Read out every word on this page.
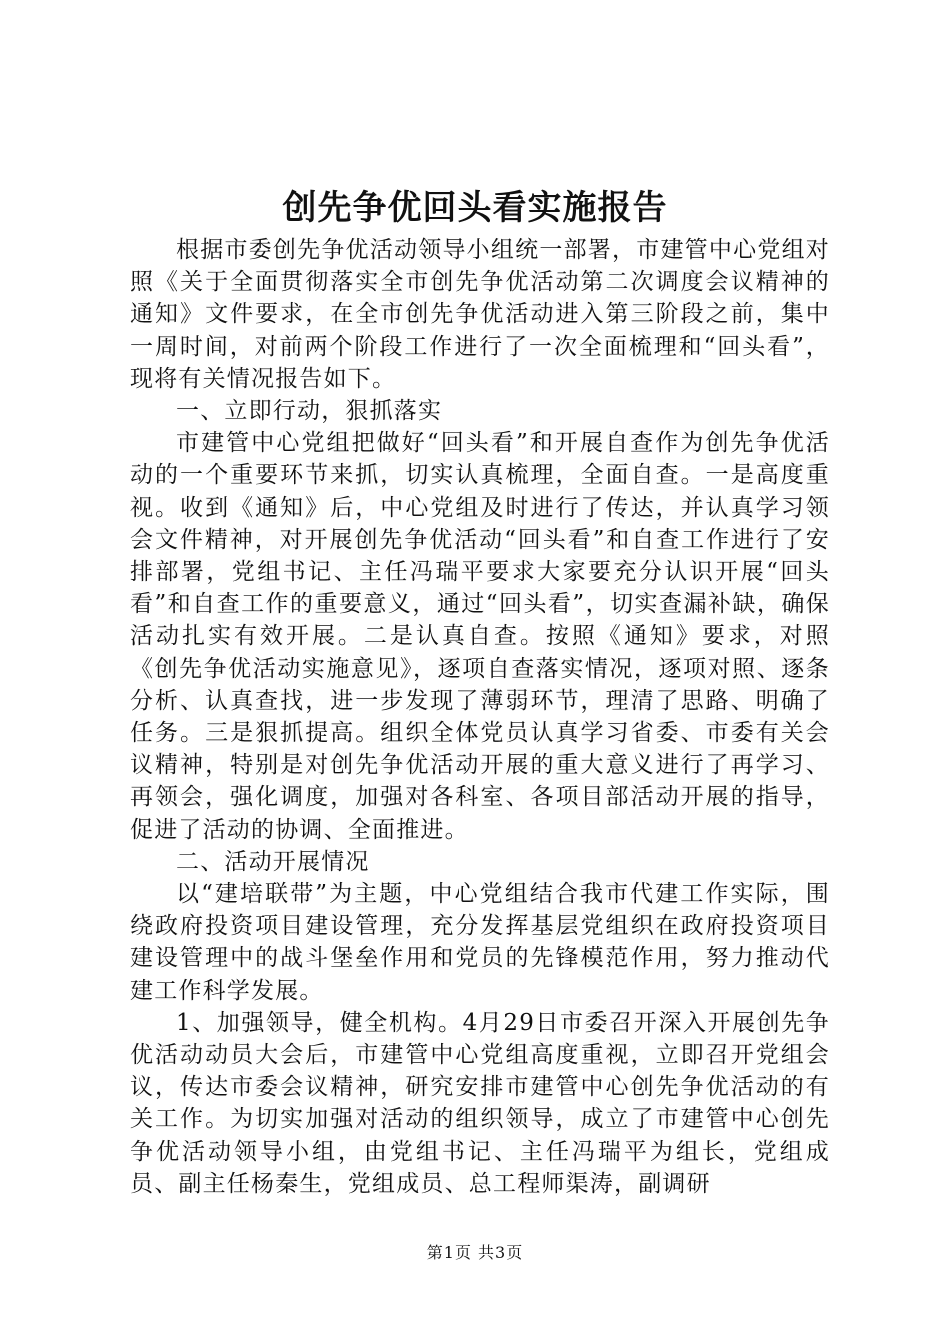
创先争优回头看实施报告

根据市委创先争优活动领导小组统一部署，市建管中心党组对照《关于全面贯彻落实全市创先争优活动第二次调度会议精神的通知》文件要求，在全市创先争优活动进入第三阶段之前，集中一周时间，对前两个阶段工作进行了一次全面梳理和“回头看”，现将有关情况报告如下。

一、立即行动，狠抓落实

市建管中心党组把做好“回头看”和开展自查作为创先争优活动的一个重要环节来抓，切实认真梳理，全面自查。一是高度重视。收到《通知》后，中心党组及时进行了传达，并认真学习领会文件精神，对开展创先争优活动“回头看”和自查工作进行了安排部署，党组书记、主任冯瑞平要求大家要充分认识开展“回头看”和自查工作的重要意义，通过“回头看”，切实查漏补缺，确保活动扎实有效开展。二是认真自查。按照《通知》要求，对照《创先争优活动实施意见》，逐项自查落实情况，逐项对照、逐条分析、认真查找，进一步发现了薄弱环节，理清了思路、明确了任务。三是狠抓提高。组织全体党员认真学习省委、市委有关会议精神，特别是对创先争优活动开展的重大意义进行了再学习、再领会，强化调度，加强对各科室、各项目部活动开展的指导，促进了活动的协调、全面推进。

二、活动开展情况

以“建培联带”为主题，中心党组结合我市代建工作实际，围绕政府投资项目建设管理，充分发挥基层党组织在政府投资项目建设管理中的战斗堡垒作用和党员的先锋模范作用，努力推动代建工作科学发展。

1、加强领导，健全机构。4月29日市委召开深入开展创先争优活动动员大会后，市建管中心党组高度重视，立即召开党组会议，传达市委会议精神，研究安排市建管中心创先争优活动的有关工作。为切实加强对活动的组织领导，成立了市建管中心创先争优活动领导小组，由党组书记、主任冯瑞平为组长，党组成员、副主任杨秦生，党组成员、总工程师渠涛，副调研

第1页 共3页
